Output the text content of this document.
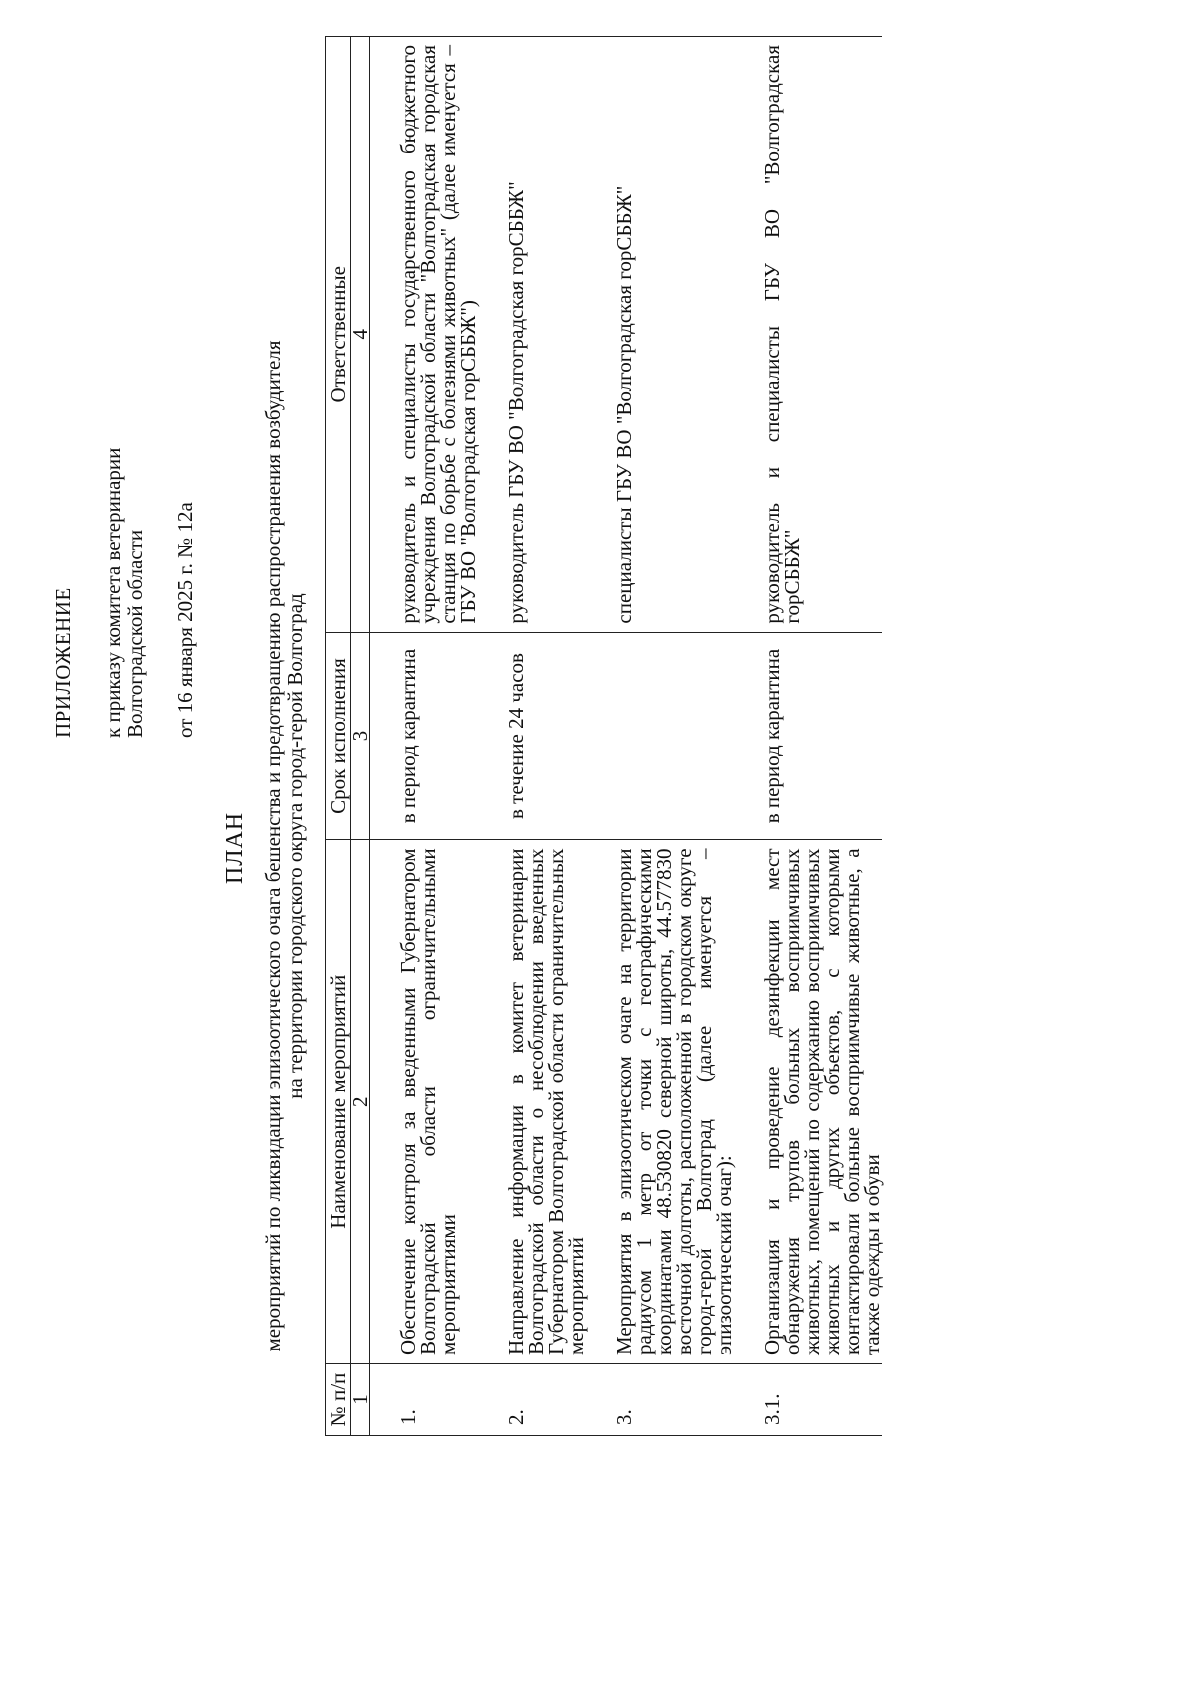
ПРИЛОЖЕНИЕ к приказу комитета ветеринарии
Волгоградской области от 16 января 2025 г. № 12а
ПЛАН мероприятий по ликвидации эпизоотического очага бешенства и предотвращению распространения возбудителя
на территории городского округа город-герой Волгоград
№ п/п	Наименование мероприятий	Срок исполнения	Ответственные
1	2	3	4

1.	Обеспечение контроля за введенными Губернатором Волгоградской области ограничительными мероприятиями	в период карантина	руководитель и специалисты государственного бюджетного учреждения Волгоградской области "Волгоградская городская станция по борьбе с болезнями животных" (далее именуется – ГБУ ВО "Волгоградская горСББЖ")

2.	Направление информации в комитет ветеринарии Волгоградской области о несоблюдении введенных Губернатором Волгоградской области ограничительных мероприятий	в течение 24 часов	руководитель ГБУ ВО "Волгоградская горСББЖ"

3.	Мероприятия в эпизоотическом очаге на территории радиусом 1 метр от точки с географическими координатами 48.530820 северной широты, 44.577830 восточной долготы, расположенной в городском округе город-герой Волгоград (далее именуется – эпизоотический очаг):		специалисты ГБУ ВО "Волгоградская горСББЖ"

3.1.	Организация и проведение дезинфекции мест обнаружения трупов больных восприимчивых животных, помещений по содержанию восприимчивых животных и других объектов, с которыми контактировали больные восприимчивые животные, а также одежды и обуви	в период карантина	руководитель и специалисты ГБУ ВО "Волгоградская горСББЖ"
